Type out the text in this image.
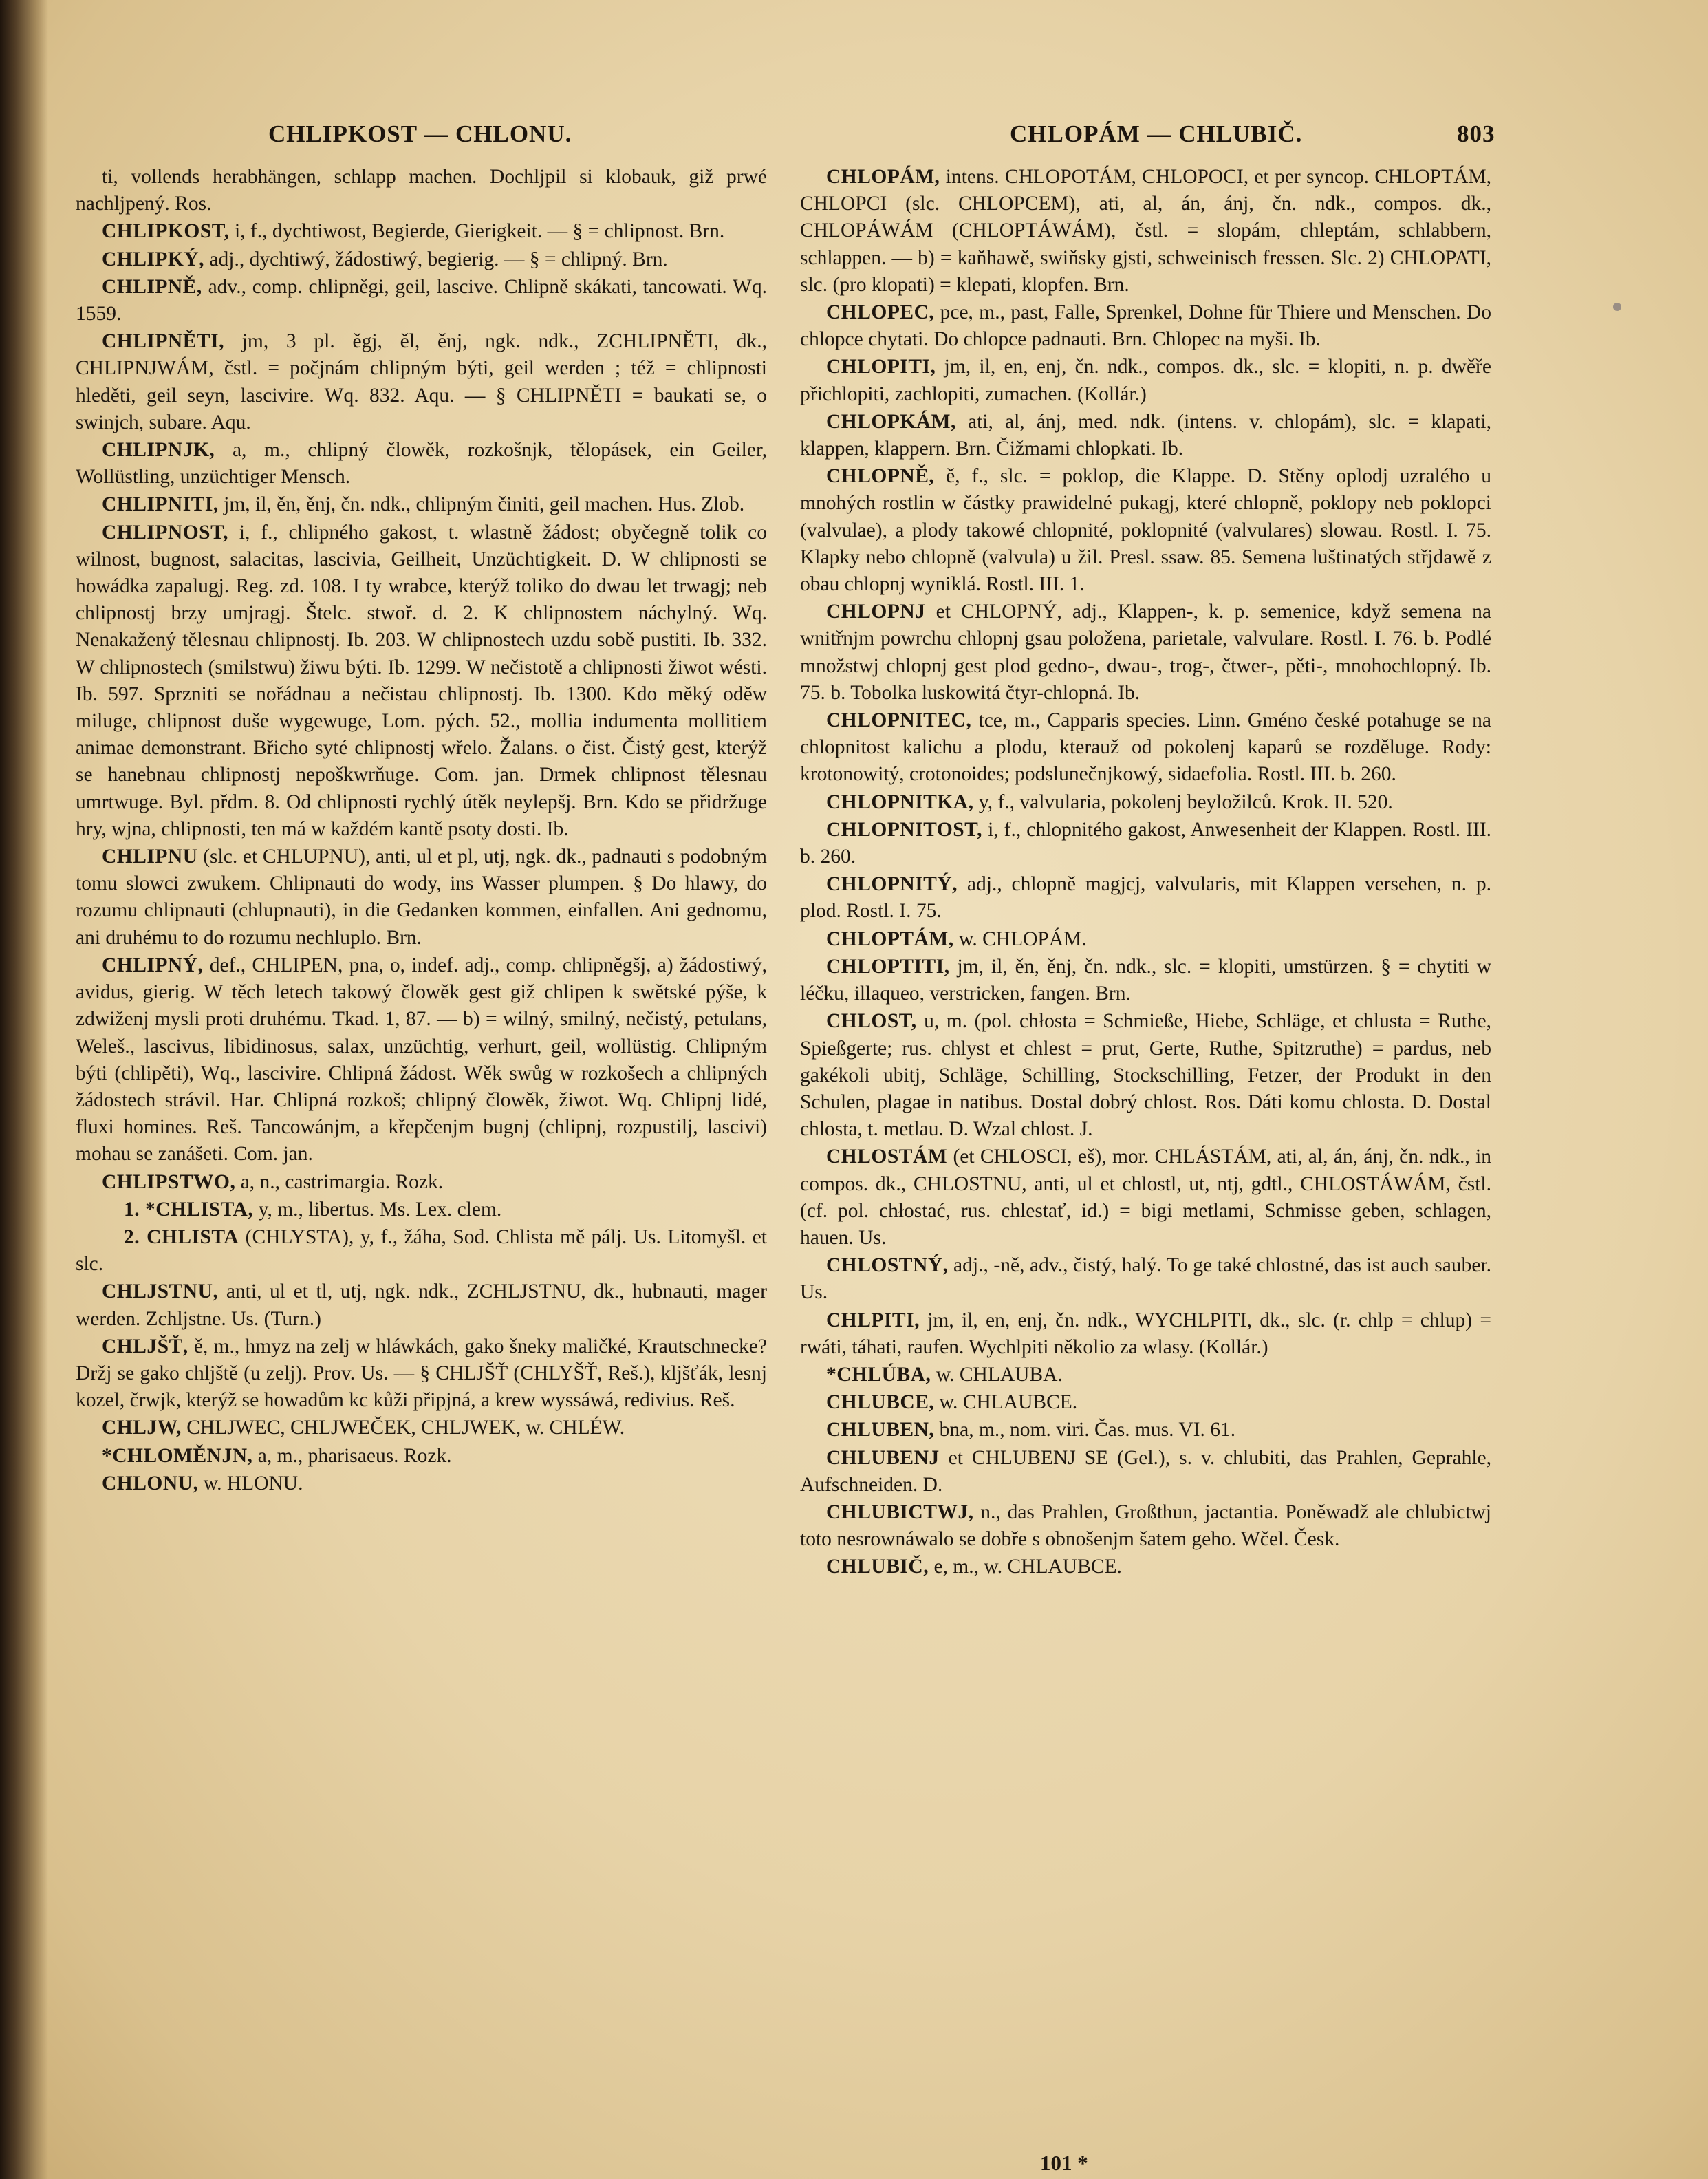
CHLIPKOST — CHLONU.	CHLOPÁM — CHLUBIČ.	803

ti, vollends herabhängen, schlapp machen. Dochljpil si klobauk, giž prwé nachljpený. Ros.

CHLIPKOST, i, f., dychtiwost, Begierde, Gierigkeit. — § = chlipnost. Brn.

CHLIPKÝ, adj., dychtiwý, žádostiwý, begierig. — § = chlipný. Brn.

CHLIPNĚ, adv., comp. chlipněgi, geil, lascive. Chlipně skákati, tancowati. Wq. 1559.

CHLIPNĚTI, jm, 3 pl. ěgj, ěl, ěnj, ngk. ndk., ZCHLIPNĚTI, dk., CHLIPNJWÁM, čstl. = počjnám chlipným býti, geil werden ; též = chlipnosti hleděti, geil seyn, lascivire. Wq. 832. Aqu. — § CHLIPNĚTI = baukati se, o swinjch, subare. Aqu.

CHLIPNJK, a, m., chlipný člowěk, rozkošnjk, tělopásek, ein Geiler, Wollüstling, unzüchtiger Mensch.

CHLIPNITI, jm, il, ěn, ěnj, čn. ndk., chlipným činiti, geil machen. Hus. Zlob.

CHLIPNOST, i, f., chlipného gakost, t. wlastně žádost; obyčegně tolik co wilnost, bugnost, salacitas, lascivia, Geilheit, Unzüchtigkeit. D. W chlipnosti se howádka zapalugj. Reg. zd. 108. I ty wrabce, kterýž toliko do dwau let trwagj; neb chlipnostj brzy umjragj. Štelc. stwoř. d. 2. K chlipnostem náchylný. Wq. Nenakažený tělesnau chlipnostj. Ib. 203. W chlipnostech uzdu sobě pustiti. Ib. 332. W chlipnostech (smilstwu) žiwu býti. Ib. 1299. W nečistotě a chlipnosti žiwot wésti. Ib. 597. Sprzniti se nořádnau a nečistau chlipnostj. Ib. 1300. Kdo měký oděw miluge, chlipnost duše wygewuge, Lom. pých. 52., mollia indumenta mollitiem animae demonstrant. Břicho syté chlipnostj wřelo. Žalans. o čist. Čistý gest, kterýž se hanebnau chlipnostj nepoškwrňuge. Com. jan. Drmek chlipnost tělesnau umrtwuge. Byl. přdm. 8. Od chlipnosti rychlý útěk neylepšj. Brn. Kdo se přidržuge hry, wjna, chlipnosti, ten má w každém kantě psoty dosti. Ib.

CHLIPNU (slc. et CHLUPNU), anti, ul et pl, utj, ngk. dk., padnauti s podobným tomu slowci zwukem. Chlipnauti do wody, ins Wasser plumpen. § Do hlawy, do rozumu chlipnauti (chlupnauti), in die Gedanken kommen, einfallen. Ani gednomu, ani druhému to do rozumu nechluplo. Brn.

CHLIPNÝ, def., CHLIPEN, pna, o, indef. adj., comp. chlipněgšj, a) žádostiwý, avidus, gierig. W těch letech takowý člowěk gest giž chlipen k swětské pýše, k zdwiženj mysli proti druhému. Tkad. 1, 87. — b) = wilný, smilný, nečistý, petulans, Weleš., lascivus, libidinosus, salax, unzüchtig, verhurt, geil, wollüstig. Chlipným býti (chlipěti), Wq., lascivire. Chlipná žádost. Wěk swůg w rozkošech a chlipných žádostech strávil. Har. Chlipná rozkoš; chlipný člowěk, žiwot. Wq. Chlipnj lidé, fluxi homines. Reš. Tancowánjm, a křepčenjm bugnj (chlipnj, rozpustilj, lascivi) mohau se zanášeti. Com. jan.

CHLIPSTWO, a, n., castrimargia. Rozk.

1. *CHLISTA, y, m., libertus. Ms. Lex. clem.

2. CHLISTA (CHLYSTA), y, f., žáha, Sod. Chlista mě pálj. Us. Litomyšl. et slc.

CHLJSTNU, anti, ul et tl, utj, ngk. ndk., ZCHLJSTNU, dk., hubnauti, mager werden. Zchljstne. Us. (Turn.)

CHLJŠŤ, ě, m., hmyz na zelj w hláwkách, gako šneky maličké, Krautschnecke? Držj se gako chljště (u zelj). Prov. Us. — § CHLJŠŤ (CHLYŠŤ, Reš.), kljšťák, lesnj kozel, črwjk, kterýž se howadům kc kůži připjná, a krew wyssáwá, redivius. Reš.

CHLJW, CHLJWEC, CHLJWEČEK, CHLJWEK, w. CHLÉW.

*CHLOMĚNJN, a, m., pharisaeus. Rozk.

CHLONU, w. HLONU.

CHLOPÁM, intens. CHLOPOTÁM, CHLOPOCI, et per syncop. CHLOPTÁM, CHLOPCI (slc. CHLOPCEM), ati, al, án, ánj, čn. ndk., compos. dk., CHLOPÁWÁM (CHLOPTÁWÁM), čstl. = slopám, chleptám, schlabbern, schlappen. — b) = kaňhawě, swiňsky gjsti, schweinisch fressen. Slc. 2) CHLOPATI, slc. (pro klopati) = klepati, klopfen. Brn.

CHLOPEC, pce, m., past, Falle, Sprenkel, Dohne für Thiere und Menschen. Do chlopce chytati. Do chlopce padnauti. Brn. Chlopec na myši. Ib.

CHLOPITI, jm, il, en, enj, čn. ndk., compos. dk., slc. = klopiti, n. p. dwěře přichlopiti, zachlopiti, zumachen. (Kollár.)

CHLOPKÁM, ati, al, ánj, med. ndk. (intens. v. chlopám), slc. = klapati, klappen, klappern. Brn. Čižmami chlopkati. Ib.

CHLOPNĚ, ě, f., slc. = poklop, die Klappe. D. Stěny oplodj uzralého u mnohých rostlin w částky prawidelné pukagj, které chlopně, poklopy neb poklopci (valvulae), a plody takowé chlopnité, poklopnité (valvulares) slowau. Rostl. I. 75. Klapky nebo chlopně (valvula) u žil. Presl. ssaw. 85. Semena luštinatých střjdawě z obau chlopnj wyniklá. Rostl. III. 1.

CHLOPNJ et CHLOPNÝ, adj., Klappen-, k. p. semenice, když semena na wnitřnjm powrchu chlopnj gsau položena, parietale, valvulare. Rostl. I. 76. b. Podlé množstwj chlopnj gest plod gedno-, dwau-, trog-, čtwer-, pěti-, mnohochlopný. Ib. 75. b. Tobolka luskowitá čtyr-chlopná. Ib.

CHLOPNITEC, tce, m., Capparis species. Linn. Gméno české potahuge se na chlopnitost kalichu a plodu, kterauž od pokolenj kaparů se rozděluge. Rody: krotonowitý, crotonoides; podslunečnjkowý, sidaefolia. Rostl. III. b. 260.

CHLOPNITKA, y, f., valvularia, pokolenj beyložilců. Krok. II. 520.

CHLOPNITOST, i, f., chlopnitého gakost, Anwesenheit der Klappen. Rostl. III. b. 260.

CHLOPNITÝ, adj., chlopně magjcj, valvularis, mit Klappen versehen, n. p. plod. Rostl. I. 75.

CHLOPTÁM, w. CHLOPÁM.

CHLOPTITI, jm, il, ěn, ěnj, čn. ndk., slc. = klopiti, umstürzen. § = chytiti w léčku, illaqueo, verstricken, fangen. Brn.

CHLOST, u, m. (pol. chłosta = Schmieße, Hiebe, Schläge, et chlusta = Ruthe, Spießgerte; rus. chlyst et chlest = prut, Gerte, Ruthe, Spitzruthe) = pardus, neb gakékoli ubitj, Schläge, Schilling, Stockschilling, Fetzer, der Produkt in den Schulen, plagae in natibus. Dostal dobrý chlost. Ros. Dáti komu chlosta. D. Dostal chlosta, t. metlau. D. Wzal chlost. J.

CHLOSTÁM (et CHLOSCI, eš), mor. CHLÁSTÁM, ati, al, án, ánj, čn. ndk., in compos. dk., CHLOSTNU, anti, ul et chlostl, ut, ntj, gdtl., CHLOSTÁWÁM, čstl. (cf. pol. chłostać, rus. chlestať, id.) = bigi metlami, Schmisse geben, schlagen, hauen. Us.

CHLOSTNÝ, adj., -ně, adv., čistý, halý. To ge také chlostné, das ist auch sauber. Us.

CHLPITI, jm, il, en, enj, čn. ndk., WYCHLPITI, dk., slc. (r. chlp = chlup) = rwáti, táhati, raufen. Wychlpiti několio za wlasy. (Kollár.)

*CHLÚBA, w. CHLAUBA.

CHLUBCE, w. CHLAUBCE.

CHLUBEN, bna, m., nom. viri. Čas. mus. VI. 61.

CHLUBENJ et CHLUBENJ SE (Gel.), s. v. chlubiti, das Prahlen, Geprahle, Aufschneiden. D.

CHLUBICTWJ, n., das Prahlen, Großthun, jactantia. Poněwadž ale chlubictwj toto nesrownáwalo se dobře s obnošenjm šatem geho. Wčel. Česk.

CHLUBIČ, e, m., w. CHLAUBCE.

101 *
